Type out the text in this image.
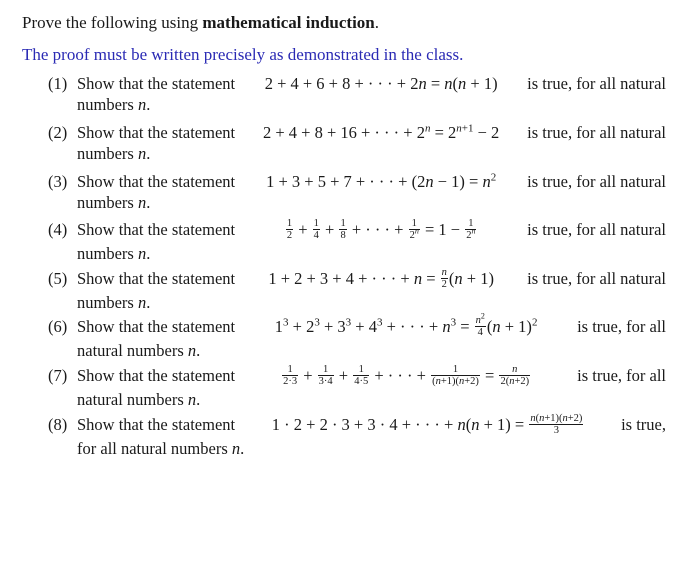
Prove the following using mathematical induction.
The proof must be written precisely as demonstrated in the class.
(1) Show that the statement 2 + 4 + 6 + 8 + · · · + 2n = n(n + 1) is true, for all natural
numbers n.
(2) Show that the statement 2 + 4 + 8 + 16 + · · · + $2^n = 2^{n+1} - 2$ is true, for all natural
numbers n.
(3) Show that the statement 1 + 3 + 5 + 7 + · · · + $(2n - 1) = n^2$ is true, for all natural
numbers n.
(4) Show that the statement	$\frac{1}{2} + \frac{1}{4} + \frac{1}{8}$ + · · · + $\frac{1}{2^n} = 1 - \frac{1}{2^n}$	is true, for all natural
numbers n.
(5) Show that the statement 1 + 2 + 3 + 4 + · · · + $n = \frac{n}{2} (n + 1)$ is true, for all natural
numbers n.
(6) Show that the statement $1^3 + 2^3 + 3^3 + 4^3$ + · · · + $n^3 = \frac{n^2}{4} (n + 1)^2$ is true, for all
natural numbers n.
(7) Show that the statement	$\frac{1}{2\cdot 3} + \frac{1}{3\cdot 4} + \frac{1}{4\cdot 5}$ + · · · + $\frac{1}{(n+1)(n+2)} = \frac{n}{2(n+2)}$	is true, for all
natural numbers n.
(8) Show that the statement 1 · 2 + 2 · 3 + 3 · 4 + · · · + $n(n + 1) = \frac{n(n+1)(n+2)}{3}$ is true,
for all natural numbers n.
